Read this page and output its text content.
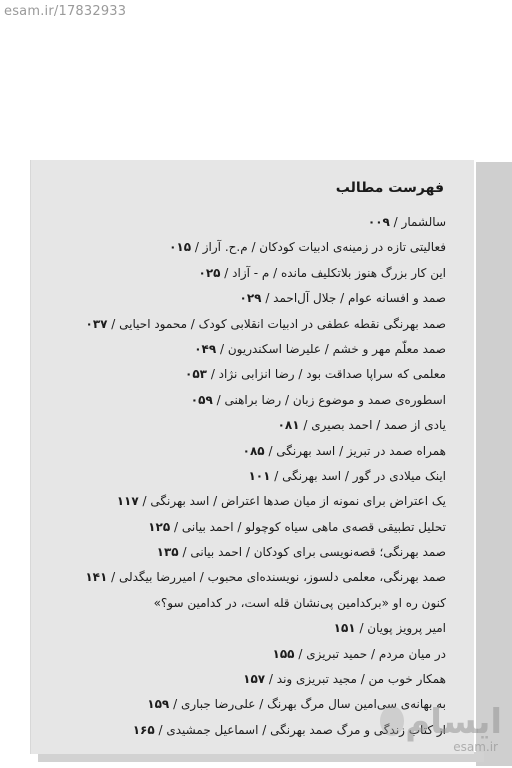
esam.ir/17832933
فهرست مطالب
سالشمار / ۰۰۹
فعالیتی تازه در زمینه‌ی ادبیات کودکان / م.ح. آراز / ۰۱۵
این کار بزرگ هنوز بلاتکلیف مانده / م - آزاد / ۰۲۵
صمد و افسانه عوام / جلال آل‌احمد / ۰۲۹
صمد بهرنگی نقطه عطفی در ادبیات انقلابی کودک / محمود احیایی / ۰۳۷
صمد معلّم مهر و خشم / علیرضا اسکندریون / ۰۴۹
معلمی که سراپا صداقت بود / رضا انزابی نژاد / ۰۵۳
اسطوره‌ی صمد و موضوع زبان / رضا براهنی / ۰۵۹
یادی از صمد / احمد بصیری / ۰۸۱
همراه صمد در تبریز / اسد بهرنگی / ۰۸۵
اینک میلادی در گور / اسد بهرنگی / ۱۰۱
یک اعتراض برای نمونه از میان صدها اعتراض / اسد بهرنگی / ۱۱۷
تحلیل تطبیقی قصه‌ی ماهی سیاه کوچولو / احمد بیانی / ۱۲۵
صمد بهرنگی؛ قصه‌نویسی برای کودکان / احمد بیانی / ۱۳۵
صمد بهرنگی، معلمی دلسوز، نویسنده‌ای محبوب / امیررضا بیگدلی / ۱۴۱
کنون ره او «برکدامین پی‌نشان قله است، در کدامین سو؟»
امیر پرویز پویان / ۱۵۱
در میان مردم / حمید تبریزی / ۱۵۵
همکار خوب من / مجید تبریزی وند / ۱۵۷
به بهانه‌ی سی‌امین سال مرگ بهرنگ / علی‌رضا جباری / ۱۵۹
از کتاب زندگی و مرگ صمد بهرنگی / اسماعیل جمشیدی / ۱۶۵	ایسام
esam.ir
